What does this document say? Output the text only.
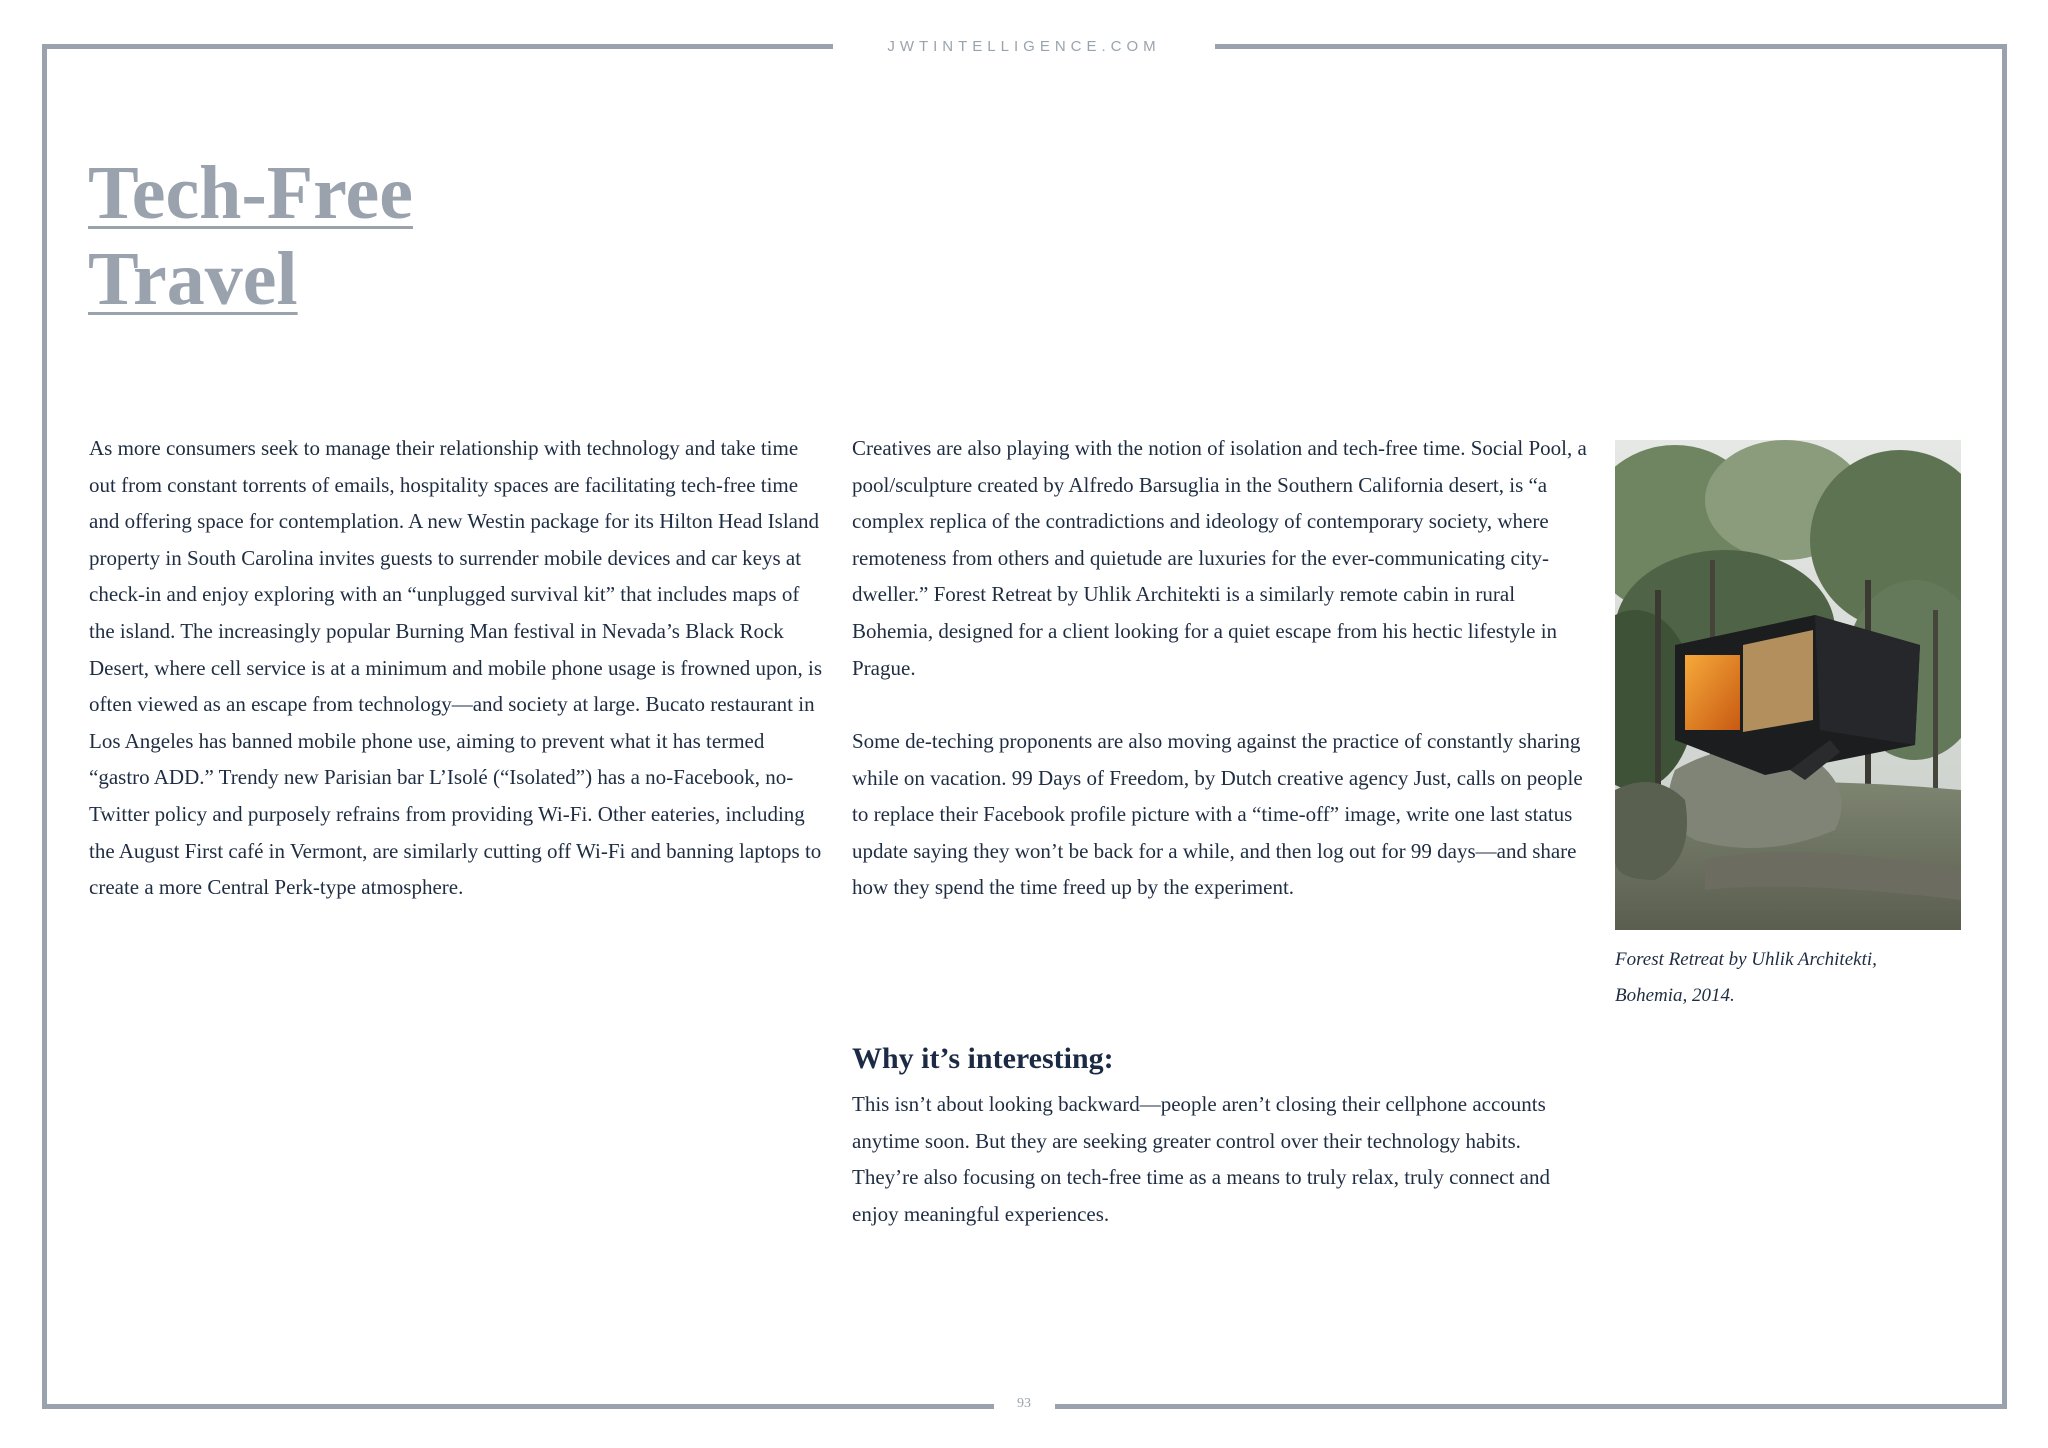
JWTINTELLIGENCE.COM
Tech-Free
Travel

As more consumers seek to manage their relationship with technology and take time out from constant torrents of emails, hospitality spaces are facilitating tech-free time and offering space for contemplation. A new Westin package for its Hilton Head Island property in South Carolina invites guests to surrender mobile devices and car keys at check-in and enjoy exploring with an “unplugged survival kit” that includes maps of the island. The increasingly popular Burning Man festival in Nevada’s Black Rock Desert, where cell service is at a minimum and mobile phone usage is frowned upon, is often viewed as an escape from technology—and society at large. Bucato restaurant in Los Angeles has banned mobile phone use, aiming to prevent what it has termed “gastro ADD.” Trendy new Parisian bar L’Isolé (“Isolated”) has a no-Facebook, no-Twitter policy and purposely refrains from providing Wi-Fi. Other eateries, including the August First café in Vermont, are similarly cutting off Wi-Fi and banning laptops to create a more Central Perk-type atmosphere.

Creatives are also playing with the notion of isolation and tech-free time. Social Pool, a pool/sculpture created by Alfredo Barsuglia in the Southern California desert, is “a complex replica of the contradictions and ideology of contemporary society, where remoteness from others and quietude are luxuries for the ever-communicating city-dweller.” Forest Retreat by Uhlik Architekti is a similarly remote cabin in rural Bohemia, designed for a client looking for a quiet escape from his hectic lifestyle in Prague.

Some de-teching proponents are also moving against the practice of constantly sharing while on vacation. 99 Days of Freedom, by Dutch creative agency Just, calls on people to replace their Facebook profile picture with a “time-off” image, write one last status update saying they won’t be back for a while, and then log out for 99 days—and share how they spend the time freed up by the experiment.

Why it’s interesting:

This isn’t about looking backward—people aren’t closing their cellphone accounts anytime soon. But they are seeking greater control over their technology habits. They’re also focusing on tech-free time as a means to truly relax, truly connect and enjoy meaningful experiences.

Forest Retreat by Uhlik Architekti,
Bohemia, 2014.

93
